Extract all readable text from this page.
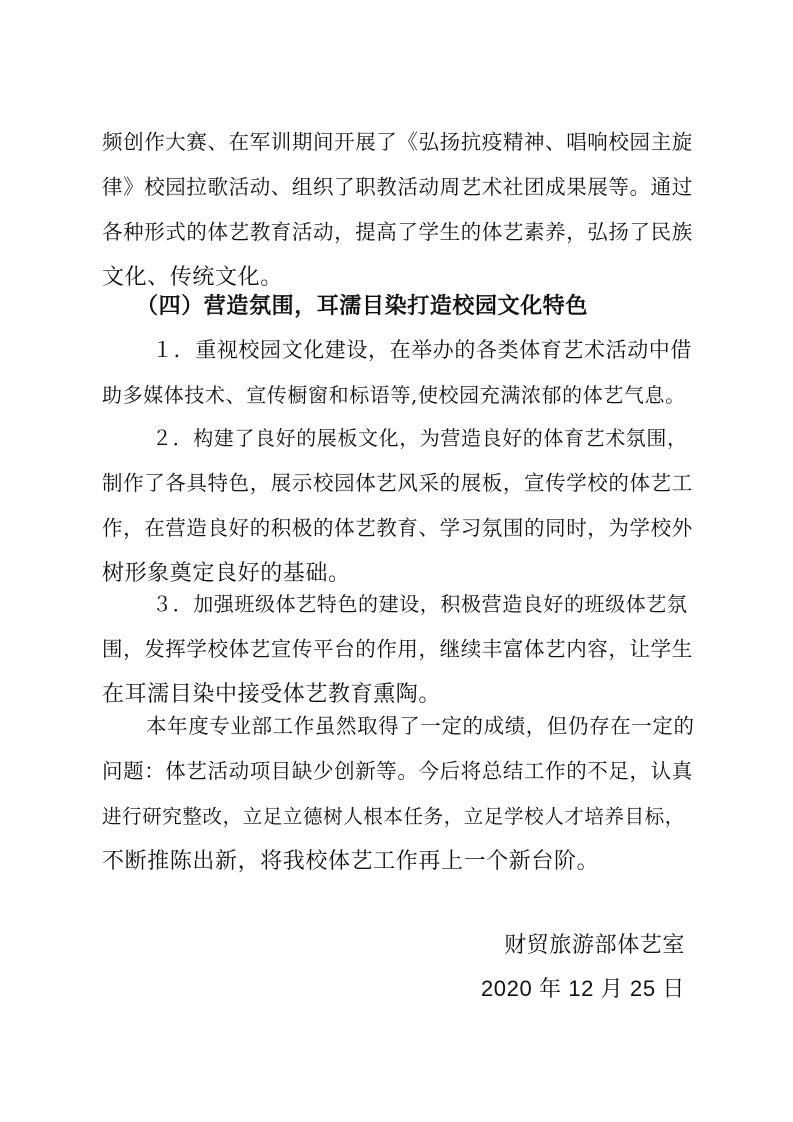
频创作大赛、在军训期间开展了《弘扬抗疫精神、唱响校园主旋
律》校园拉歌活动、组织了职教活动周艺术社团成果展等。通过
各种形式的体艺教育活动，提高了学生的体艺素养，弘扬了民族
文化、传统文化。
（四）营造氛围，耳濡目染打造校园文化特色
１．重视校园文化建设，在举办的各类体育艺术活动中借
助多媒体技术、宣传橱窗和标语等,使校园充满浓郁的体艺气息。
２．构建了良好的展板文化，为营造良好的体育艺术氛围，
制作了各具特色，展示校园体艺风采的展板，宣传学校的体艺工
作，在营造良好的积极的体艺教育、学习氛围的同时，为学校外
树形象奠定良好的基础。
３．加强班级体艺特色的建设，积极营造良好的班级体艺氛
围，发挥学校体艺宣传平台的作用，继续丰富体艺内容，让学生
在耳濡目染中接受体艺教育熏陶。
本年度专业部工作虽然取得了一定的成绩，但仍存在一定的
问题：体艺活动项目缺少创新等。今后将总结工作的不足，认真
进行研究整改，立足立德树人根本任务，立足学校人才培养目标，
不断推陈出新，将我校体艺工作再上一个新台阶。
财贸旅游部体艺室
2020 年 12 月 25 日
